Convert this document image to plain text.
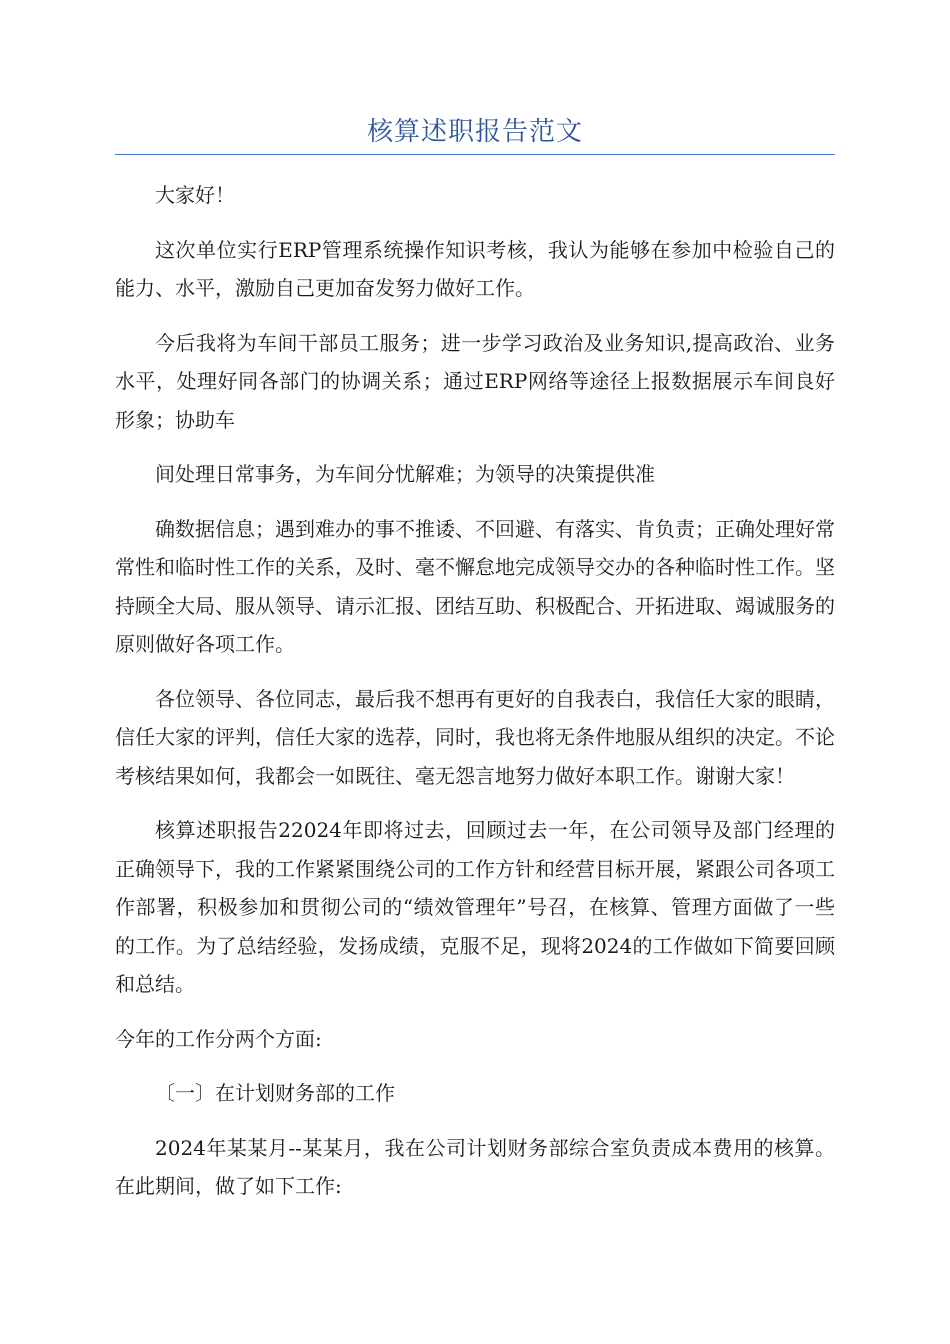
核算述职报告范文

大家好！

这次单位实行ERP管理系统操作知识考核，我认为能够在参加中检验自己的能力、水平，激励自己更加奋发努力做好工作。

今后我将为车间干部员工服务；进一步学习政治及业务知识,提高政治、业务水平，处理好同各部门的协调关系；通过ERP网络等途径上报数据展示车间良好形象；协助车

间处理日常事务，为车间分忧解难；为领导的决策提供准

确数据信息；遇到难办的事不推诿、不回避、有落实、肯负责；正确处理好常常性和临时性工作的关系，及时、毫不懈怠地完成领导交办的各种临时性工作。坚持顾全大局、服从领导、请示汇报、团结互助、积极配合、开拓进取、竭诚服务的原则做好各项工作。

各位领导、各位同志，最后我不想再有更好的自我表白，我信任大家的眼睛，信任大家的评判，信任大家的选荐，同时，我也将无条件地服从组织的决定。不论考核结果如何，我都会一如既往、毫无怨言地努力做好本职工作。谢谢大家！

核算述职报告22024年即将过去，回顾过去一年，在公司领导及部门经理的正确领导下，我的工作紧紧围绕公司的工作方针和经营目标开展，紧跟公司各项工作部署，积极参加和贯彻公司的“绩效管理年”号召，在核算、管理方面做了一些的工作。为了总结经验，发扬成绩，克服不足，现将2024的工作做如下简要回顾和总结。

今年的工作分两个方面:

〔一〕在计划财务部的工作

2024年某某月--某某月，我在公司计划财务部综合室负责成本费用的核算。在此期间，做了如下工作:
